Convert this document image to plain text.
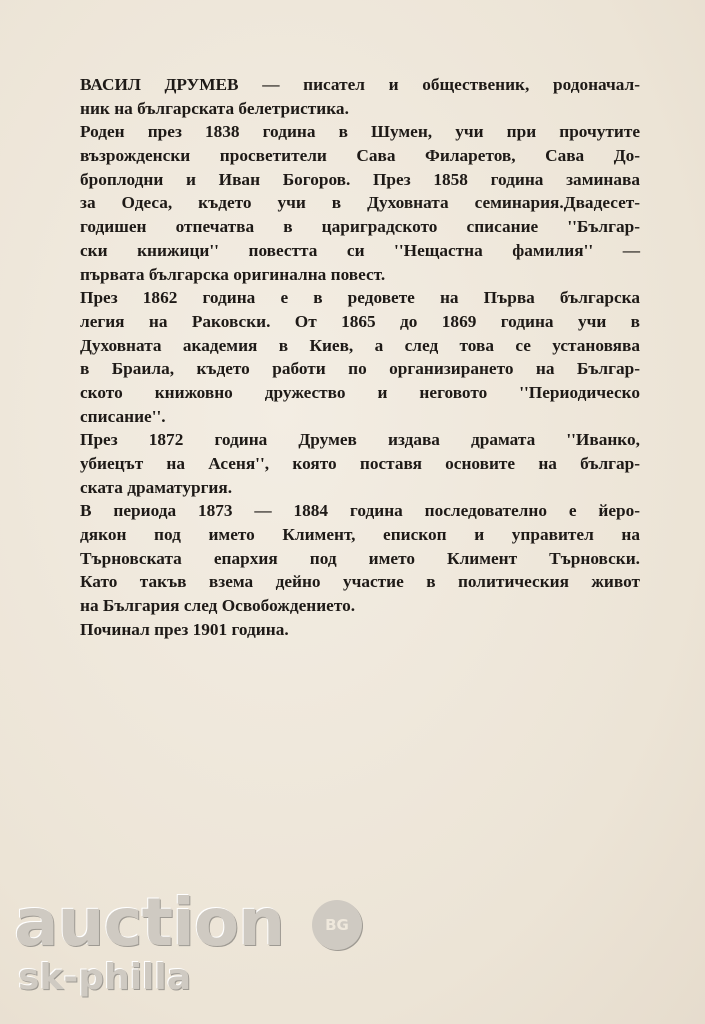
ВАСИЛ ДРУМЕВ — писател и общественик, родоначал-
ник на българската белетристика.
Роден през 1838 година в Шумен, учи при прочутите
възрожденски просветители Сава Филаретов, Сава До-
броплодни и Иван Богоров. През 1858 година заминава
за Одеса, където учи в Духовната семинария.Двадесет-
годишен отпечатва в цариградското списание ''Българ-
ски книжици'' повестта си ''Нещастна фамилия'' —
първата българска оригинална повест.
През 1862 година е в редовете на Първа българска
легия на Раковски. От 1865 до 1869 година учи в
Духовната академия в Киев, а след това се установява
в Браила, където работи по организирането на Българ-
ското книжовно дружество и неговото ''Периодическо
списание''.
През 1872 година Друмев издава драмата ''Иванко,
убиецът на Асеня'', която поставя основите на българ-
ската драматургия.
В периода 1873 — 1884 година последователно е йеро-
дякон под името Климент, епископ и управител на
Търновската епархия под името Климент Търновски.
Като такъв взема дейно участие в политическия живот
на България след Освобождението.
Починал през 1901 година.
auction
sk-philla
BG
